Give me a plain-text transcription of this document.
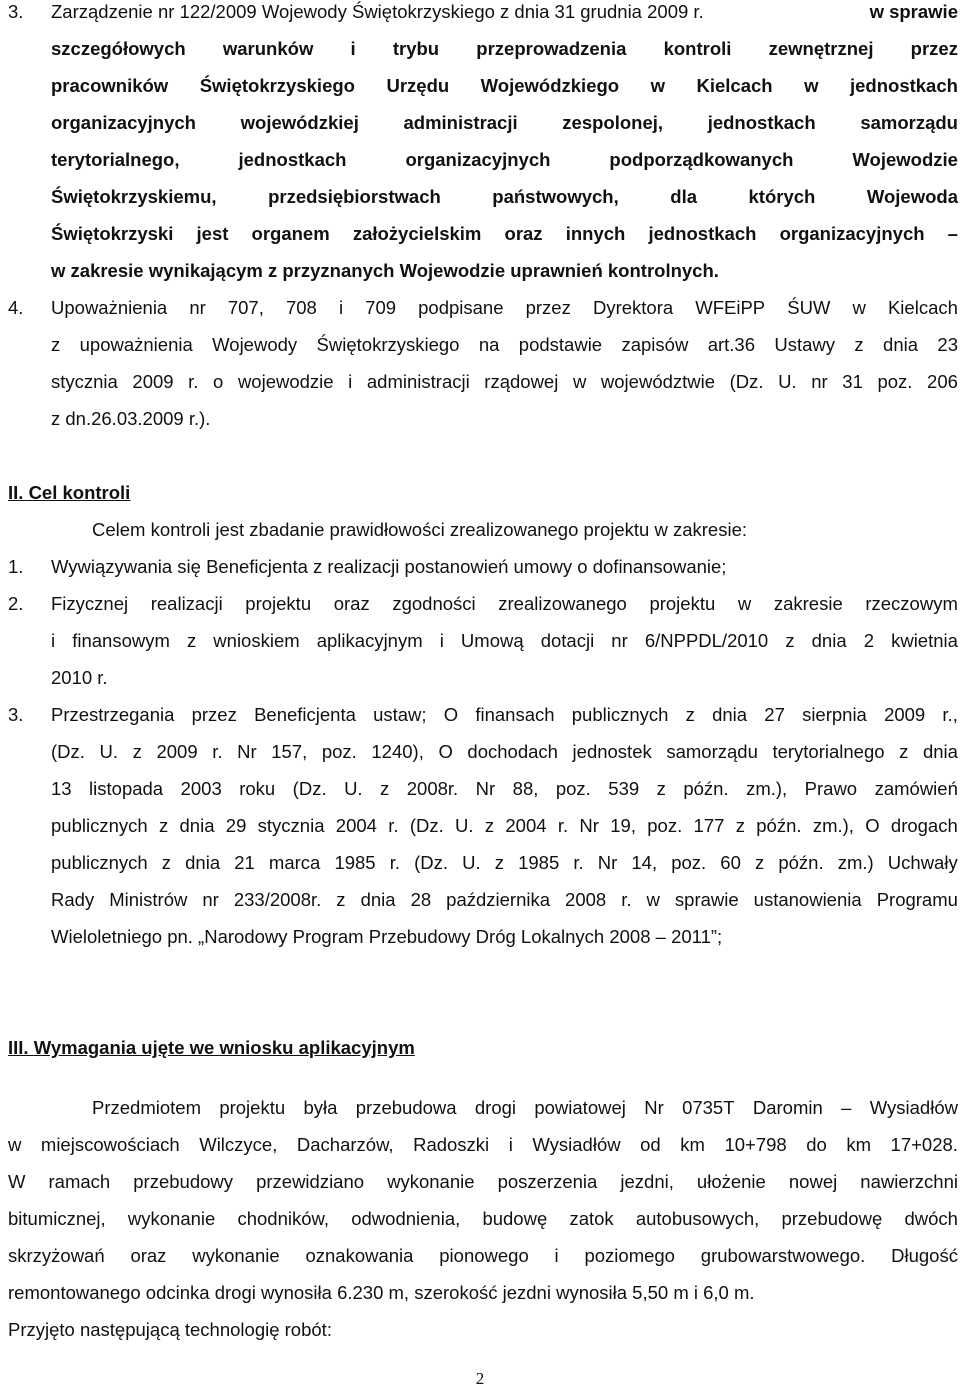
3. Zarządzenie nr 122/2009 Wojewody Świętokrzyskiego z dnia 31 grudnia 2009 r.	w sprawie
szczegółowych warunków i trybu przeprowadzenia kontroli zewnętrznej przez
pracowników Świętokrzyskiego Urzędu Wojewódzkiego w Kielcach w jednostkach
organizacyjnych wojewódzkiej administracji zespolonej, jednostkach samorządu
terytorialnego,	jednostkach	organizacyjnych	podporządkowanych	Wojewodzie
Świętokrzyskiemu,	przedsiębiorstwach	państwowych,	dla	których	Wojewoda
Świętokrzyski jest organem założycielskim oraz innych jednostkach organizacyjnych –
w zakresie wynikającym z przyznanych Wojewodzie uprawnień kontrolnych.
4. Upoważnienia nr 707, 708 i 709 podpisane przez Dyrektora WFEiPP ŚUW w Kielcach
z upoważnienia Wojewody Świętokrzyskiego na podstawie zapisów art.36 Ustawy z dnia 23
stycznia 2009 r. o wojewodzie i administracji rządowej w województwie (Dz. U. nr 31 poz. 206
z dn.26.03.2009 r.).
II. Cel kontroli
Celem kontroli jest zbadanie prawidłowości zrealizowanego projektu w zakresie:
1. Wywiązywania się Beneficjenta z realizacji postanowień umowy o dofinansowanie;
2. Fizycznej realizacji projektu oraz zgodności zrealizowanego projektu w zakresie rzeczowym
i finansowym z wnioskiem aplikacyjnym i Umową dotacji nr 6/NPPDL/2010 z dnia 2 kwietnia
2010 r.
3. Przestrzegania przez Beneficjenta ustaw; O finansach publicznych z dnia 27 sierpnia 2009 r.,
(Dz. U. z 2009 r. Nr 157, poz. 1240), O dochodach jednostek samorządu terytorialnego z dnia
13 listopada 2003 roku (Dz. U. z 2008r. Nr 88, poz. 539 z późn. zm.), Prawo zamówień
publicznych z dnia 29 stycznia 2004 r. (Dz. U. z 2004 r. Nr 19, poz. 177 z późn. zm.), O drogach
publicznych z dnia 21 marca 1985 r. (Dz. U. z 1985 r. Nr 14, poz. 60 z późn. zm.) Uchwały
Rady Ministrów nr 233/2008r. z dnia 28 października 2008 r. w sprawie ustanowienia Programu
Wieloletniego pn. „Narodowy Program Przebudowy Dróg Lokalnych 2008 – 2011”;
III. Wymagania ujęte we wniosku aplikacyjnym
Przedmiotem projektu była przebudowa drogi powiatowej Nr 0735T Daromin – Wysiadłów
w miejscowościach Wilczyce, Dacharzów, Radoszki i Wysiadłów od km 10+798 do km 17+028.
W ramach przebudowy przewidziano wykonanie poszerzenia jezdni, ułożenie nowej nawierzchni
bitumicznej, wykonanie chodników, odwodnienia, budowę zatok autobusowych, przebudowę dwóch
skrzyżowań oraz wykonanie oznakowania pionowego i poziomego grubowarstwowego. Długość
remontowanego odcinka drogi wynosiła 6.230 m, szerokość jezdni wynosiła 5,50 m i 6,0 m.
Przyjęto następującą technologię robót:
2
